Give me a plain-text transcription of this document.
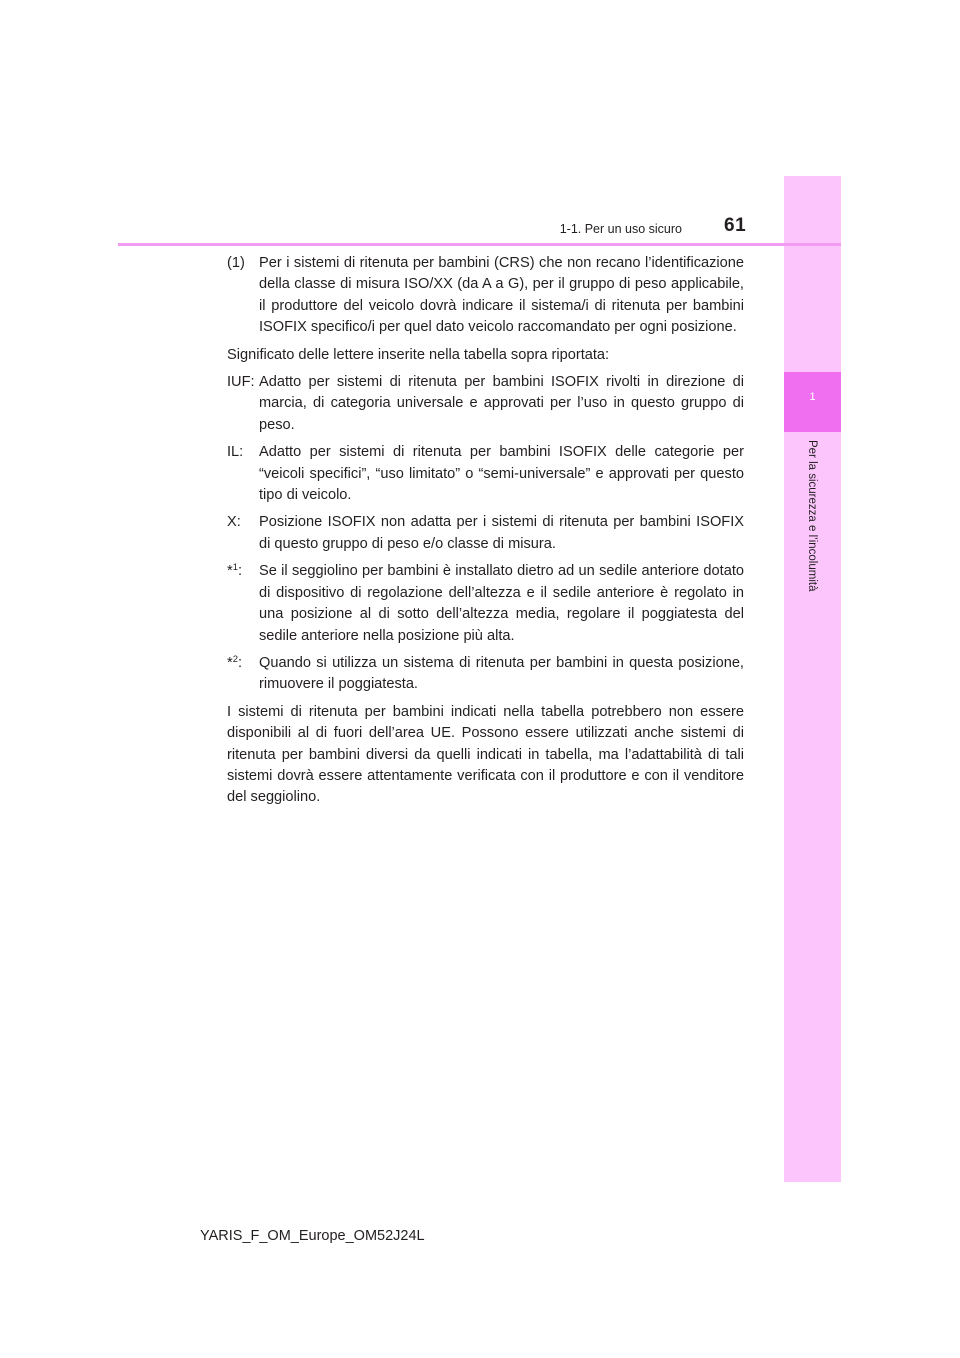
1
Per la sicurezza e l’incolumità
1-1. Per un uso sicuro 61
(1) Per i sistemi di ritenuta per bambini (CRS) che non recano l’identificazione della classe di misura ISO/XX (da A a G), per il gruppo di peso applicabile, il produttore del veicolo dovrà indicare il sistema/i di ritenuta per bambini ISOFIX specifico/i per quel dato veicolo raccomandato per ogni posizione.
Significato delle lettere inserite nella tabella sopra riportata:
IUF: Adatto per sistemi di ritenuta per bambini ISOFIX rivolti in direzione di marcia, di categoria universale e approvati per l’uso in questo gruppo di peso.
IL: Adatto per sistemi di ritenuta per bambini ISOFIX delle categorie per “veicoli specifici”, “uso limitato” o “semi-universale” e approvati per questo tipo di veicolo.
X: Posizione ISOFIX non adatta per i sistemi di ritenuta per bambini ISOFIX di questo gruppo di peso e/o classe di misura.
*$^1$: Se il seggiolino per bambini è installato dietro ad un sedile anteriore dotato di dispositivo di regolazione dell’altezza e il sedile anteriore è regolato in una posizione al di sotto dell’altezza media, regolare il poggiatesta del sedile anteriore nella posizione più alta.
*$^2$: Quando si utilizza un sistema di ritenuta per bambini in questa posizione, rimuovere il poggiatesta.
I sistemi di ritenuta per bambini indicati nella tabella potrebbero non essere disponibili al di fuori dell’area UE. Possono essere utilizzati anche sistemi di ritenuta per bambini diversi da quelli indicati in tabella, ma l’adattabilità di tali sistemi dovrà essere attentamente verificata con il produttore e con il venditore del seggiolino.
YARIS_F_OM_Europe_OM52J24L
